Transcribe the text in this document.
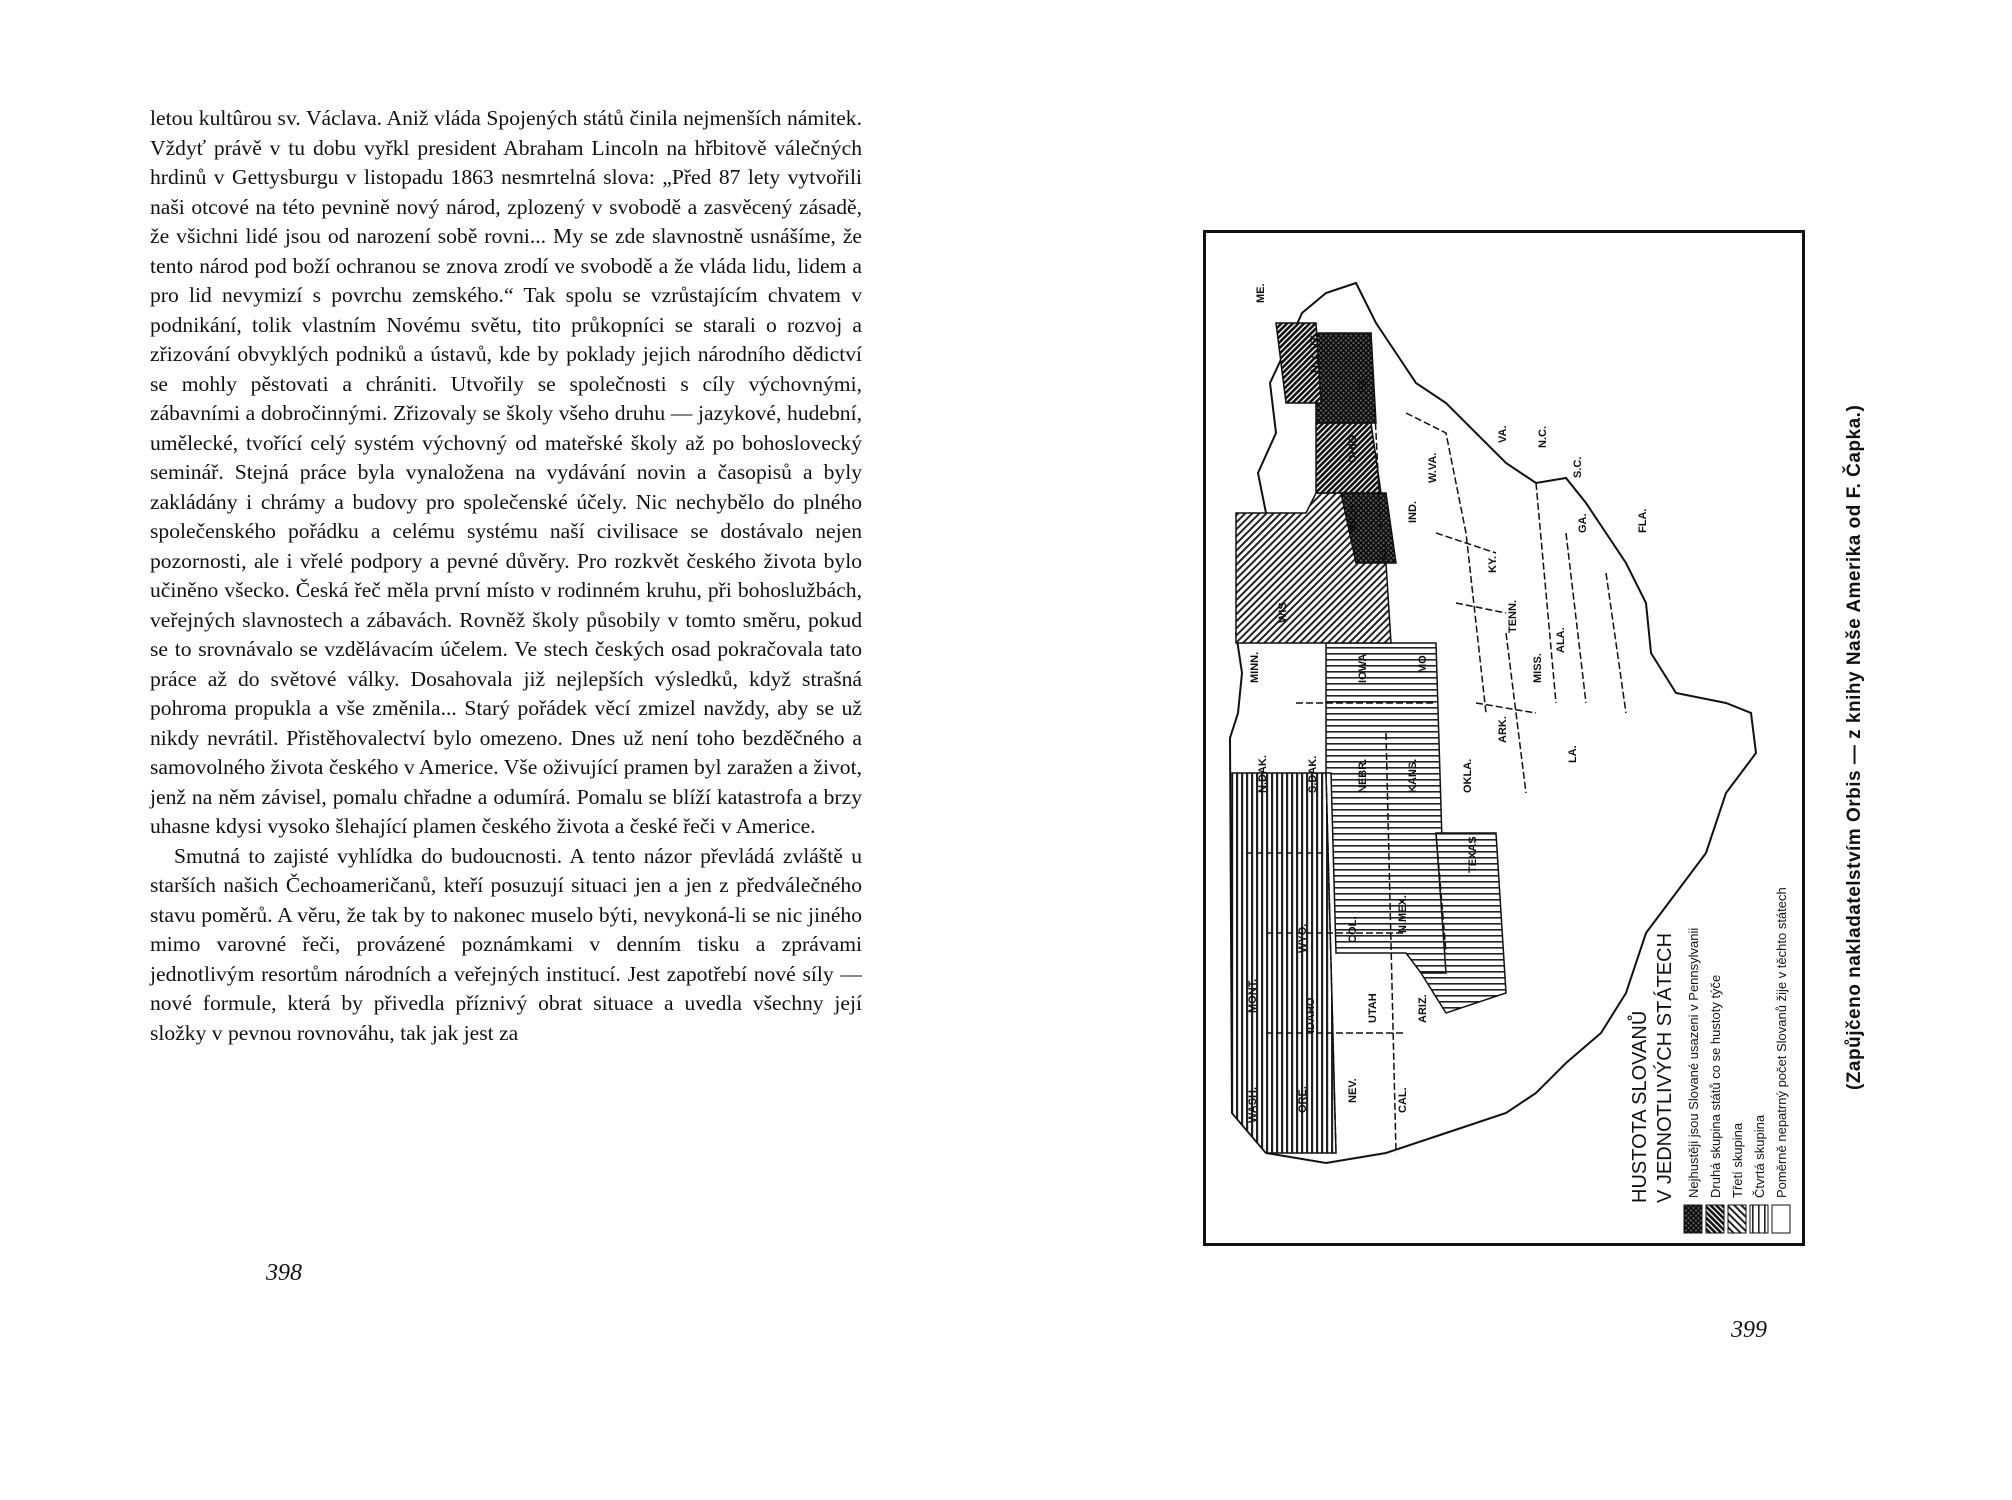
letou kultûrou sv. Václava. Aniž vláda Spojených států činila nejmenších námitek. Vždyť právě v tu dobu vyřkl president Abraham Lincoln na hřbitově válečných hrdinů v Gettysburgu v listopadu 1863 nesmrtelná slova: „Před 87 lety vytvořili naši otcové na této pevnině nový národ, zplozený v svobodě a zasvěcený zásadě, že všichni lidé jsou od narození sobě rovni... My se zde slavnostně usnášíme, že tento národ pod boží ochranou se znova zrodí ve svobodě a že vláda lidu, lidem a pro lid nevymizí s povrchu zemského.“ Tak spolu se vzrůstajícím chvatem v podnikání, tolik vlastním Novému světu, tito průkopníci se starali o rozvoj a zřizování obvyklých podniků a ústavů, kde by poklady jejich národního dědictví se mohly pěstovati a chrániti. Utvořily se společnosti s cíly výchovnými, zábavními a dobročinnými. Zřizovaly se školy všeho druhu — jazykové, hudební, umělecké, tvořící celý systém výchovný od mateřské školy až po bohoslovecký seminář. Stejná práce byla vynaložena na vydávání novin a časopisů a byly zakládány i chrámy a budovy pro společenské účely. Nic nechybělo do plného společenského pořádku a celému systému naší civilisace se dostávalo nejen pozornosti, ale i vřelé podpory a pevné důvěry. Pro rozkvět českého života bylo učiněno všecko. Česká řeč měla první místo v rodinném kruhu, při bohoslužbách, veřejných slavnostech a zábavách. Rovněž školy působily v tomto směru, pokud se to srovnávalo se vzdělávacím účelem. Ve stech českých osad pokračovala tato práce až do světové války. Dosahovala již nejlepších výsledků, když strašná pohroma propukla a vše změnila... Starý pořádek věcí zmizel navždy, aby se už nikdy nevrátil. Přistěhovalectví bylo omezeno. Dnes už není toho bezděčného a samovolného života českého v Americe. Vše oživující pramen byl zaražen a život, jenž na něm závisel, pomalu chřadne a odumírá. Pomalu se blíží katastrofa a brzy uhasne kdysi vysoko šlehající plamen českého života a české řeči v Americe.

Smutná to zajisté vyhlídka do budoucnosti. A tento názor převládá zvláště u starších našich Čechoameričanů, kteří posuzují situaci jen a jen z předválečného stavu poměrů. A věru, že tak by to nakonec muselo býti, nevykoná-li se nic jiného mimo varovné řeči, provázené poznámkami v denním tisku a zprávami jednotlivým resortům národních a veřejných institucí. Jest zapotřebí nové síly — nové formule, která by přivedla příznivý obrat situace a uvedla všechny její složky v pevnou rovnováhu, tak jak jest za

398
ME.
N.Y. VT.
PA
OHIO
MICH.	IND.
ILL.
WIS.
MINN.	IOWA	MO.
N.DAK.	S.DAK.	NEBR.	KANS.	OKLA.
TEXAS
N.MEX.
COL.
WYO.
MONT.
IDAHO	UTAH	ARIZ.
NEV.	CAL.
ORE.
WASH.
W.VA.
VA.	N.C.
S.C.
GA.	FLA.
KY.
TENN.
ALA.
MISS.
ARK.
LA.
HUSTOTA SLOVANŮ V JEDNOTLIVÝCH STÁTECH Nejhustěji jsou Slované usazeni v Pennsylvanii Druhá skupina států co se hustoty týče Třetí skupina Čtvrtá skupina Poměrně nepatrný počet Slovanů žije v těchto státech	(Zapůjčeno nakladatelstvím Orbis — z knihy Naše Amerika od F. Čapka.)
399
